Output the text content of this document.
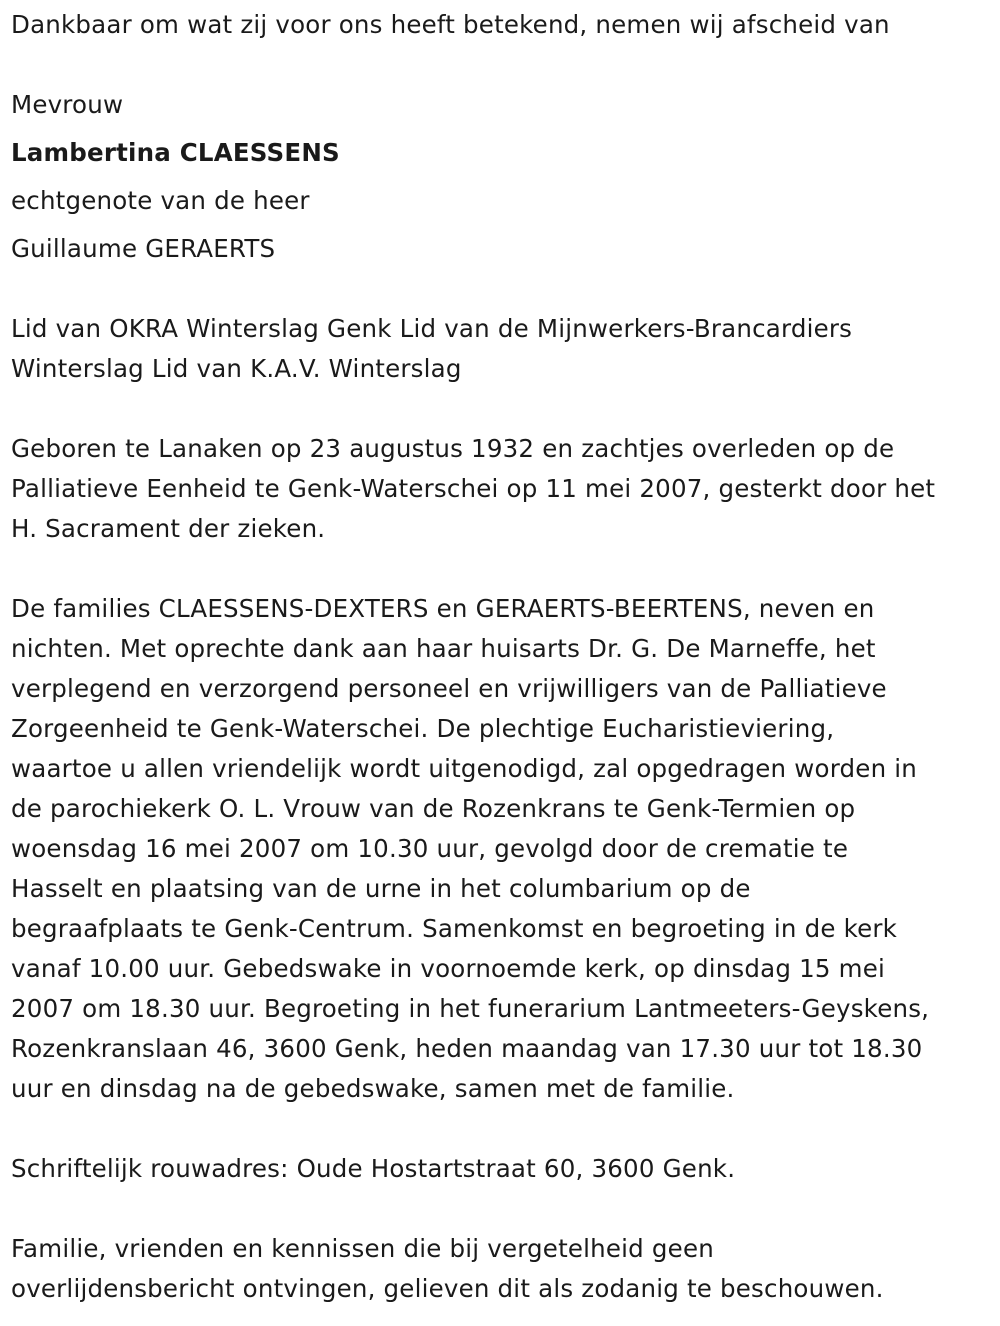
Dankbaar om wat zij voor ons heeft betekend, nemen wij afscheid van
Mevrouw
Lambertina CLAESSENS
echtgenote van de heer
Guillaume GERAERTS
Lid van OKRA Winterslag Genk Lid van de Mijnwerkers-Brancardiers
Winterslag Lid van K.A.V. Winterslag
Geboren te Lanaken op 23 augustus 1932 en zachtjes overleden op de
Palliatieve Eenheid te Genk-Waterschei op 11 mei 2007, gesterkt door het
H. Sacrament der zieken.
De families CLAESSENS-DEXTERS en GERAERTS-BEERTENS, neven en
nichten. Met oprechte dank aan haar huisarts Dr. G. De Marneffe, het
verplegend en verzorgend personeel en vrijwilligers van de Palliatieve
Zorgeenheid te Genk-Waterschei. De plechtige Eucharistieviering,
waartoe u allen vriendelijk wordt uitgenodigd, zal opgedragen worden in
de parochiekerk O. L. Vrouw van de Rozenkrans te Genk-Termien op
woensdag 16 mei 2007 om 10.30 uur, gevolgd door de crematie te
Hasselt en plaatsing van de urne in het columbarium op de
begraafplaats te Genk-Centrum. Samenkomst en begroeting in de kerk
vanaf 10.00 uur. Gebedswake in voornoemde kerk, op dinsdag 15 mei
2007 om 18.30 uur. Begroeting in het funerarium Lantmeeters-Geyskens,
Rozenkranslaan 46, 3600 Genk, heden maandag van 17.30 uur tot 18.30
uur en dinsdag na de gebedswake, samen met de familie.
Schriftelijk rouwadres: Oude Hostartstraat 60, 3600 Genk.
Familie, vrienden en kennissen die bij vergetelheid geen
overlijdensbericht ontvingen, gelieven dit als zodanig te beschouwen.
